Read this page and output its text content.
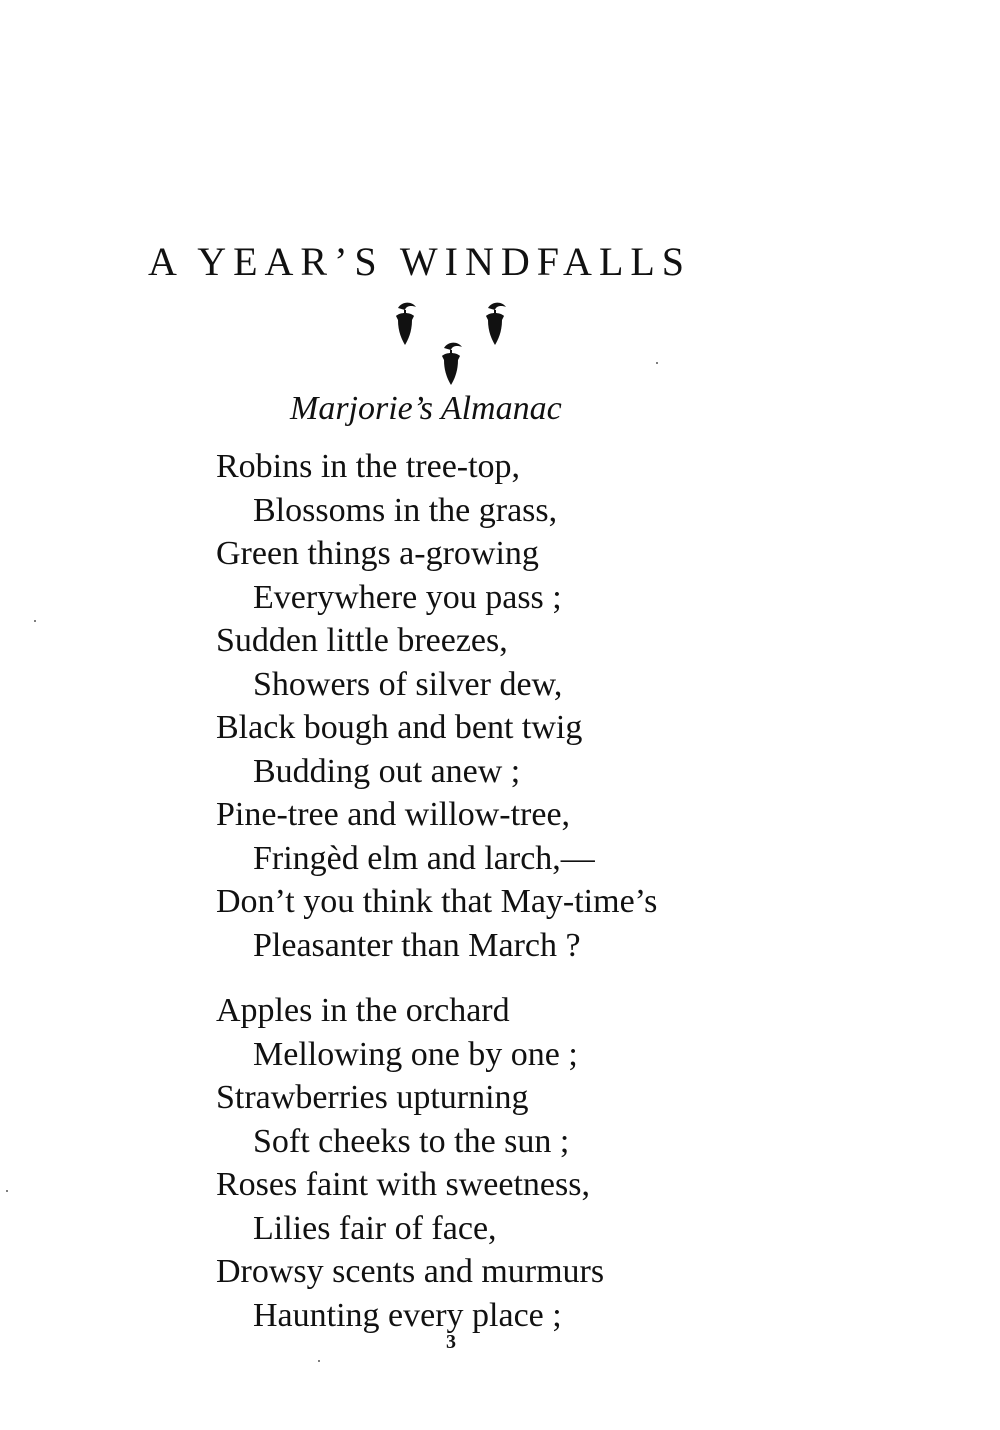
A YEAR’S WINDFALLS
Marjorie’s Almanac
Robins in the tree-top,
Blossoms in the grass,
Green things a-growing
Everywhere you pass ;
Sudden little breezes,
Showers of silver dew,
Black bough and bent twig
Budding out anew ;
Pine-tree and willow-tree,
Fringèd elm and larch,—
Don’t you think that May-time’s
Pleasanter than March ?
Apples in the orchard
Mellowing one by one ;
Strawberries upturning
Soft cheeks to the sun ;
Roses faint with sweetness,
Lilies fair of face,
Drowsy scents and murmurs
Haunting every place ;
3
